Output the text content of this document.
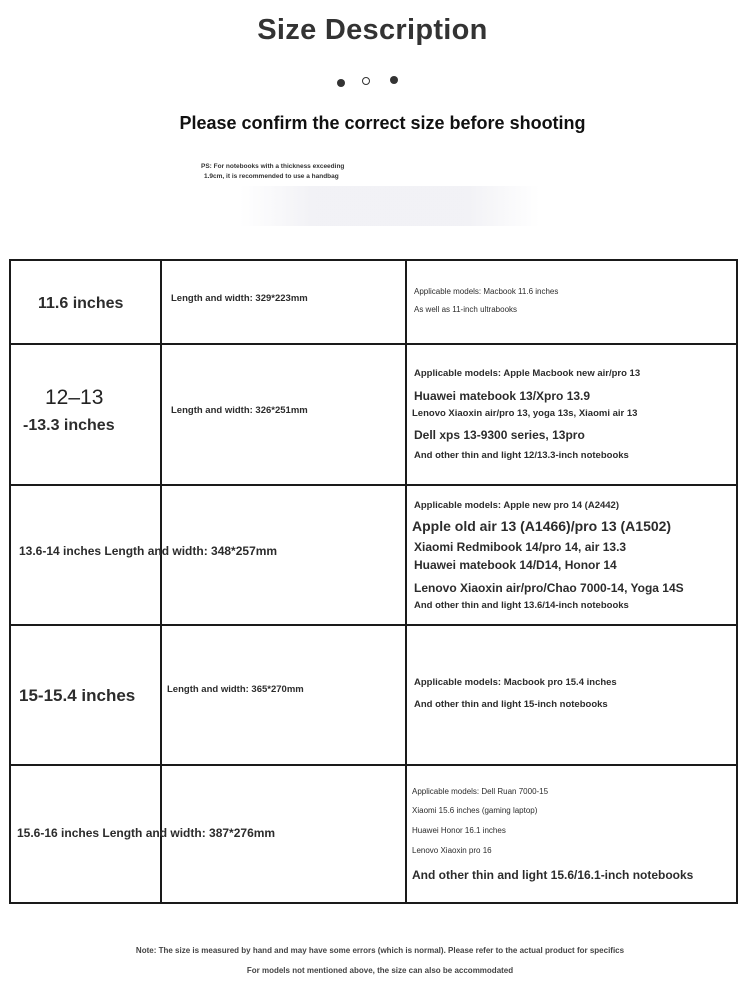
Size Description
Please confirm the correct size before shooting
PS: For notebooks with a thickness exceeding
1.9cm, it is recommended to use a handbag
11.6 inches	Length and width: 329*223mm
Applicable models: Macbook 11.6 inches
As well as 11-inch ultrabooks
12–13
-13.3 inches
Length and width: 326*251mm
Applicable models: Apple Macbook new air/pro 13
Huawei matebook 13/Xpro 13.9
Lenovo Xiaoxin air/pro 13, yoga 13s, Xiaomi air 13
Dell xps 13-9300 series, 13pro
And other thin and light 12/13.3-inch notebooks
13.6-14 inches Length and width: 348*257mm
Applicable models: Apple new pro 14 (A2442)
Apple old air 13 (A1466)/pro 13 (A1502)
Xiaomi Redmibook 14/pro 14, air 13.3
Huawei matebook 14/D14, Honor 14
Lenovo Xiaoxin air/pro/Chao 7000-14, Yoga 14S
And other thin and light 13.6/14-inch notebooks
15-15.4 inches	Length and width: 365*270mm
Applicable models: Macbook pro 15.4 inches
And other thin and light 15-inch notebooks
15.6-16 inches Length and width: 387*276mm
Applicable models: Dell Ruan 7000-15
Xiaomi 15.6 inches (gaming laptop)
Huawei Honor 16.1 inches
Lenovo Xiaoxin pro 16
And other thin and light 15.6/16.1-inch notebooks
Note: The size is measured by hand and may have some errors (which is normal). Please refer to the actual product for specifics
For models not mentioned above, the size can also be accommodated
